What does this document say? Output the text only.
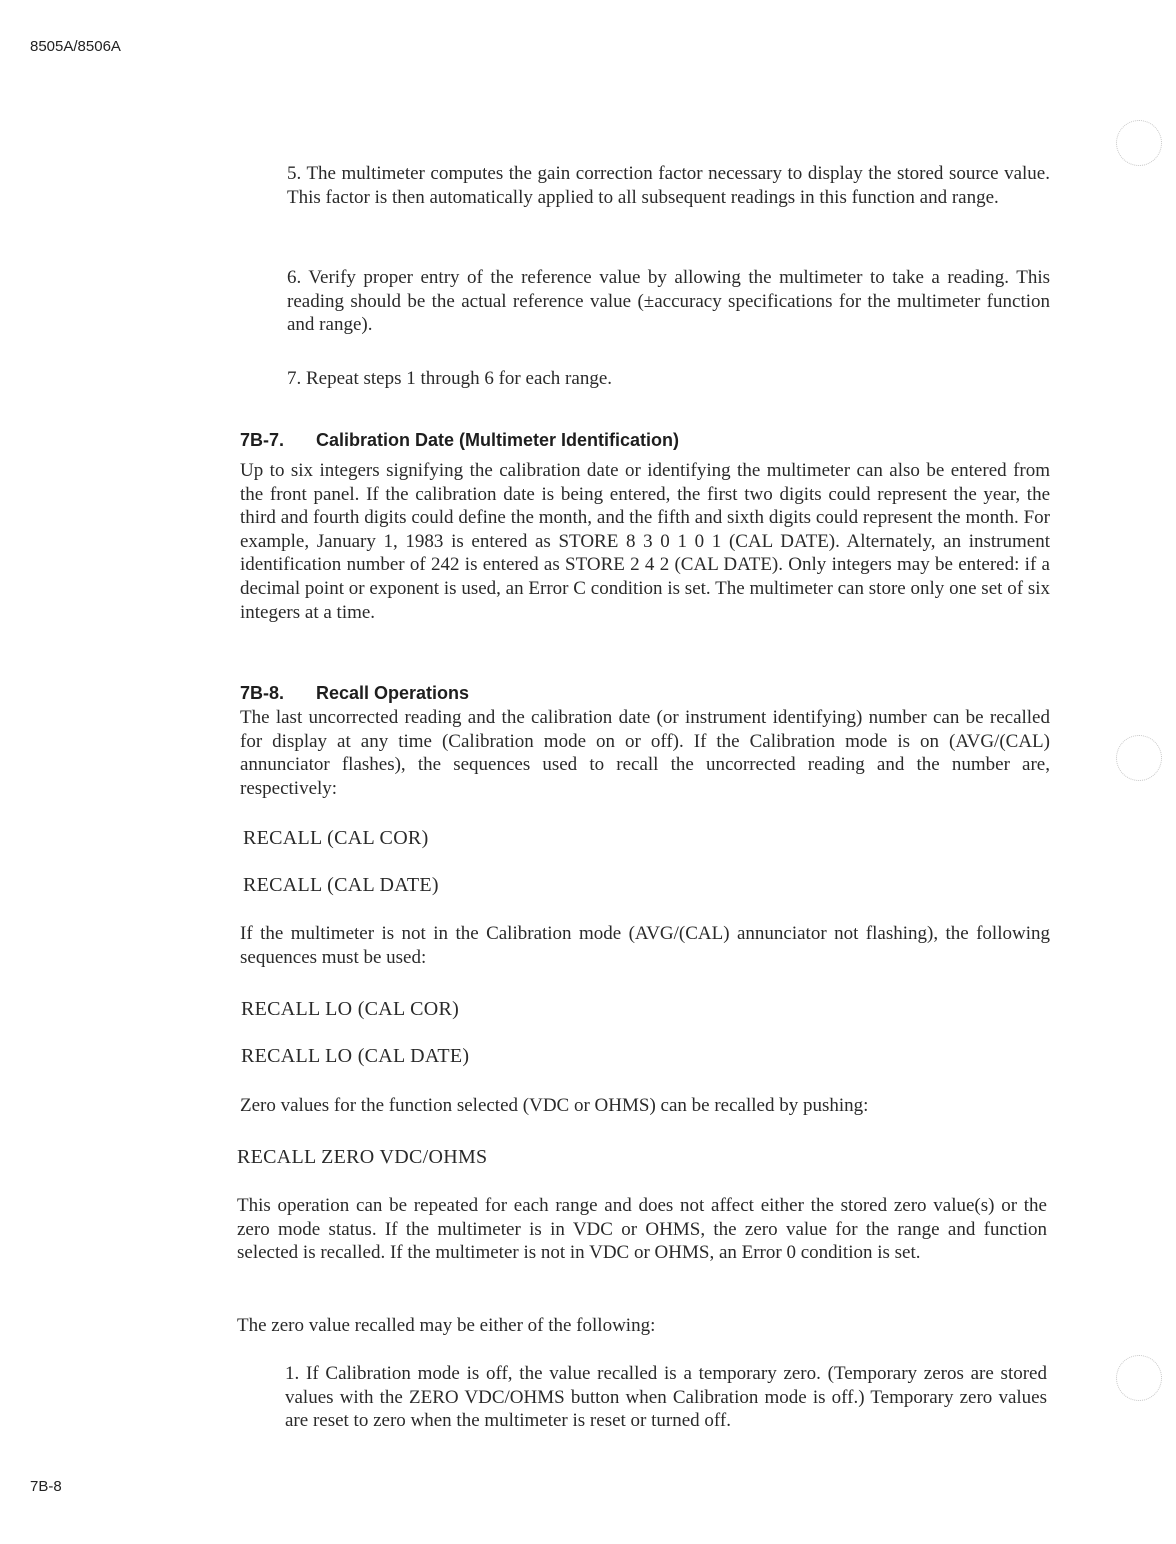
8505A/8506A

5. The multimeter computes the gain correction factor necessary to display the stored source value. This factor is then automatically applied to all subsequent readings in this function and range.

6. Verify proper entry of the reference value by allowing the multimeter to take a reading. This reading should be the actual reference value (±accuracy specifications for the multimeter function and range).

7. Repeat steps 1 through 6 for each range.

7B-7. Calibration Date (Multimeter Identification)

Up to six integers signifying the calibration date or identifying the multimeter can also be entered from the front panel. If the calibration date is being entered, the first two digits could represent the year, the third and fourth digits could define the month, and the fifth and sixth digits could represent the month. For example, January 1, 1983 is entered as STORE 8 3 0 1 0 1 (CAL DATE). Alternately, an instrument identification number of 242 is entered as STORE 2 4 2 (CAL DATE). Only integers may be entered: if a decimal point or exponent is used, an Error C condition is set. The multimeter can store only one set of six integers at a time.

7B-8. Recall Operations

The last uncorrected reading and the calibration date (or instrument identifying) number can be recalled for display at any time (Calibration mode on or off). If the Calibration mode is on (AVG/(CAL) annunciator flashes), the sequences used to recall the uncorrected reading and the number are, respectively:

RECALL (CAL COR)

RECALL (CAL DATE)

If the multimeter is not in the Calibration mode (AVG/(CAL) annunciator not flashing), the following sequences must be used:

RECALL LO (CAL COR)

RECALL LO (CAL DATE)

Zero values for the function selected (VDC or OHMS) can be recalled by pushing:

RECALL ZERO VDC/OHMS

This operation can be repeated for each range and does not affect either the stored zero value(s) or the zero mode status. If the multimeter is in VDC or OHMS, the zero value for the range and function selected is recalled. If the multimeter is not in VDC or OHMS, an Error 0 condition is set.

The zero value recalled may be either of the following:

1. If Calibration mode is off, the value recalled is a temporary zero. (Temporary zeros are stored values with the ZERO VDC/OHMS button when Calibration mode is off.) Temporary zero values are reset to zero when the multimeter is reset or turned off.

7B-8
